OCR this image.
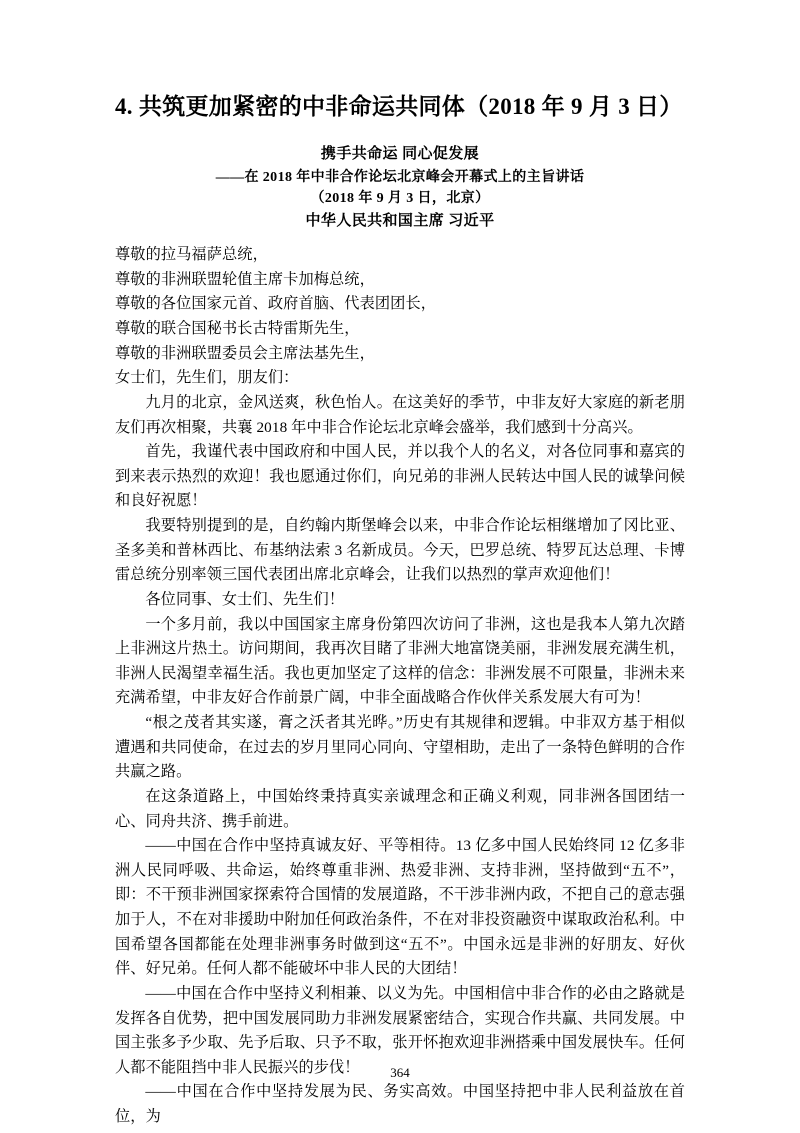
4. 共筑更加紧密的中非命运共同体（2018 年 9 月 3 日）
携手共命运 同心促发展
——在 2018 年中非合作论坛北京峰会开幕式上的主旨讲话
（2018 年 9 月 3 日，北京）
中华人民共和国主席 习近平

尊敬的拉马福萨总统，

尊敬的非洲联盟轮值主席卡加梅总统，

尊敬的各位国家元首、政府首脑、代表团团长，

尊敬的联合国秘书长古特雷斯先生，

尊敬的非洲联盟委员会主席法基先生，

女士们，先生们，朋友们：

九月的北京，金风送爽，秋色怡人。在这美好的季节，中非友好大家庭的新老朋友们再次相聚，共襄 2018 年中非合作论坛北京峰会盛举，我们感到十分高兴。

首先，我谨代表中国政府和中国人民，并以我个人的名义，对各位同事和嘉宾的到来表示热烈的欢迎！我也愿通过你们，向兄弟的非洲人民转达中国人民的诚挚问候和良好祝愿！

我要特别提到的是，自约翰内斯堡峰会以来，中非合作论坛相继增加了冈比亚、圣多美和普林西比、布基纳法索 3 名新成员。今天，巴罗总统、特罗瓦达总理、卡博雷总统分别率领三国代表团出席北京峰会，让我们以热烈的掌声欢迎他们！

各位同事、女士们、先生们！

一个多月前，我以中国国家主席身份第四次访问了非洲，这也是我本人第九次踏上非洲这片热土。访问期间，我再次目睹了非洲大地富饶美丽，非洲发展充满生机，非洲人民渴望幸福生活。我也更加坚定了这样的信念：非洲发展不可限量，非洲未来充满希望，中非友好合作前景广阔，中非全面战略合作伙伴关系发展大有可为！

“根之茂者其实遂，膏之沃者其光晔。”历史有其规律和逻辑。中非双方基于相似遭遇和共同使命，在过去的岁月里同心同向、守望相助，走出了一条特色鲜明的合作共赢之路。

在这条道路上，中国始终秉持真实亲诚理念和正确义利观，同非洲各国团结一心、同舟共济、携手前进。

——中国在合作中坚持真诚友好、平等相待。13 亿多中国人民始终同 12 亿多非洲人民同呼吸、共命运，始终尊重非洲、热爱非洲、支持非洲，坚持做到“五不”，即：不干预非洲国家探索符合国情的发展道路，不干涉非洲内政，不把自己的意志强加于人，不在对非援助中附加任何政治条件，不在对非投资融资中谋取政治私利。中国希望各国都能在处理非洲事务时做到这“五不”。中国永远是非洲的好朋友、好伙伴、好兄弟。任何人都不能破坏中非人民的大团结！

——中国在合作中坚持义利相兼、以义为先。中国相信中非合作的必由之路就是发挥各自优势，把中国发展同助力非洲发展紧密结合，实现合作共赢、共同发展。中国主张多予少取、先予后取、只予不取，张开怀抱欢迎非洲搭乘中国发展快车。任何人都不能阻挡中非人民振兴的步伐！

——中国在合作中坚持发展为民、务实高效。中国坚持把中非人民利益放在首位，为

364
